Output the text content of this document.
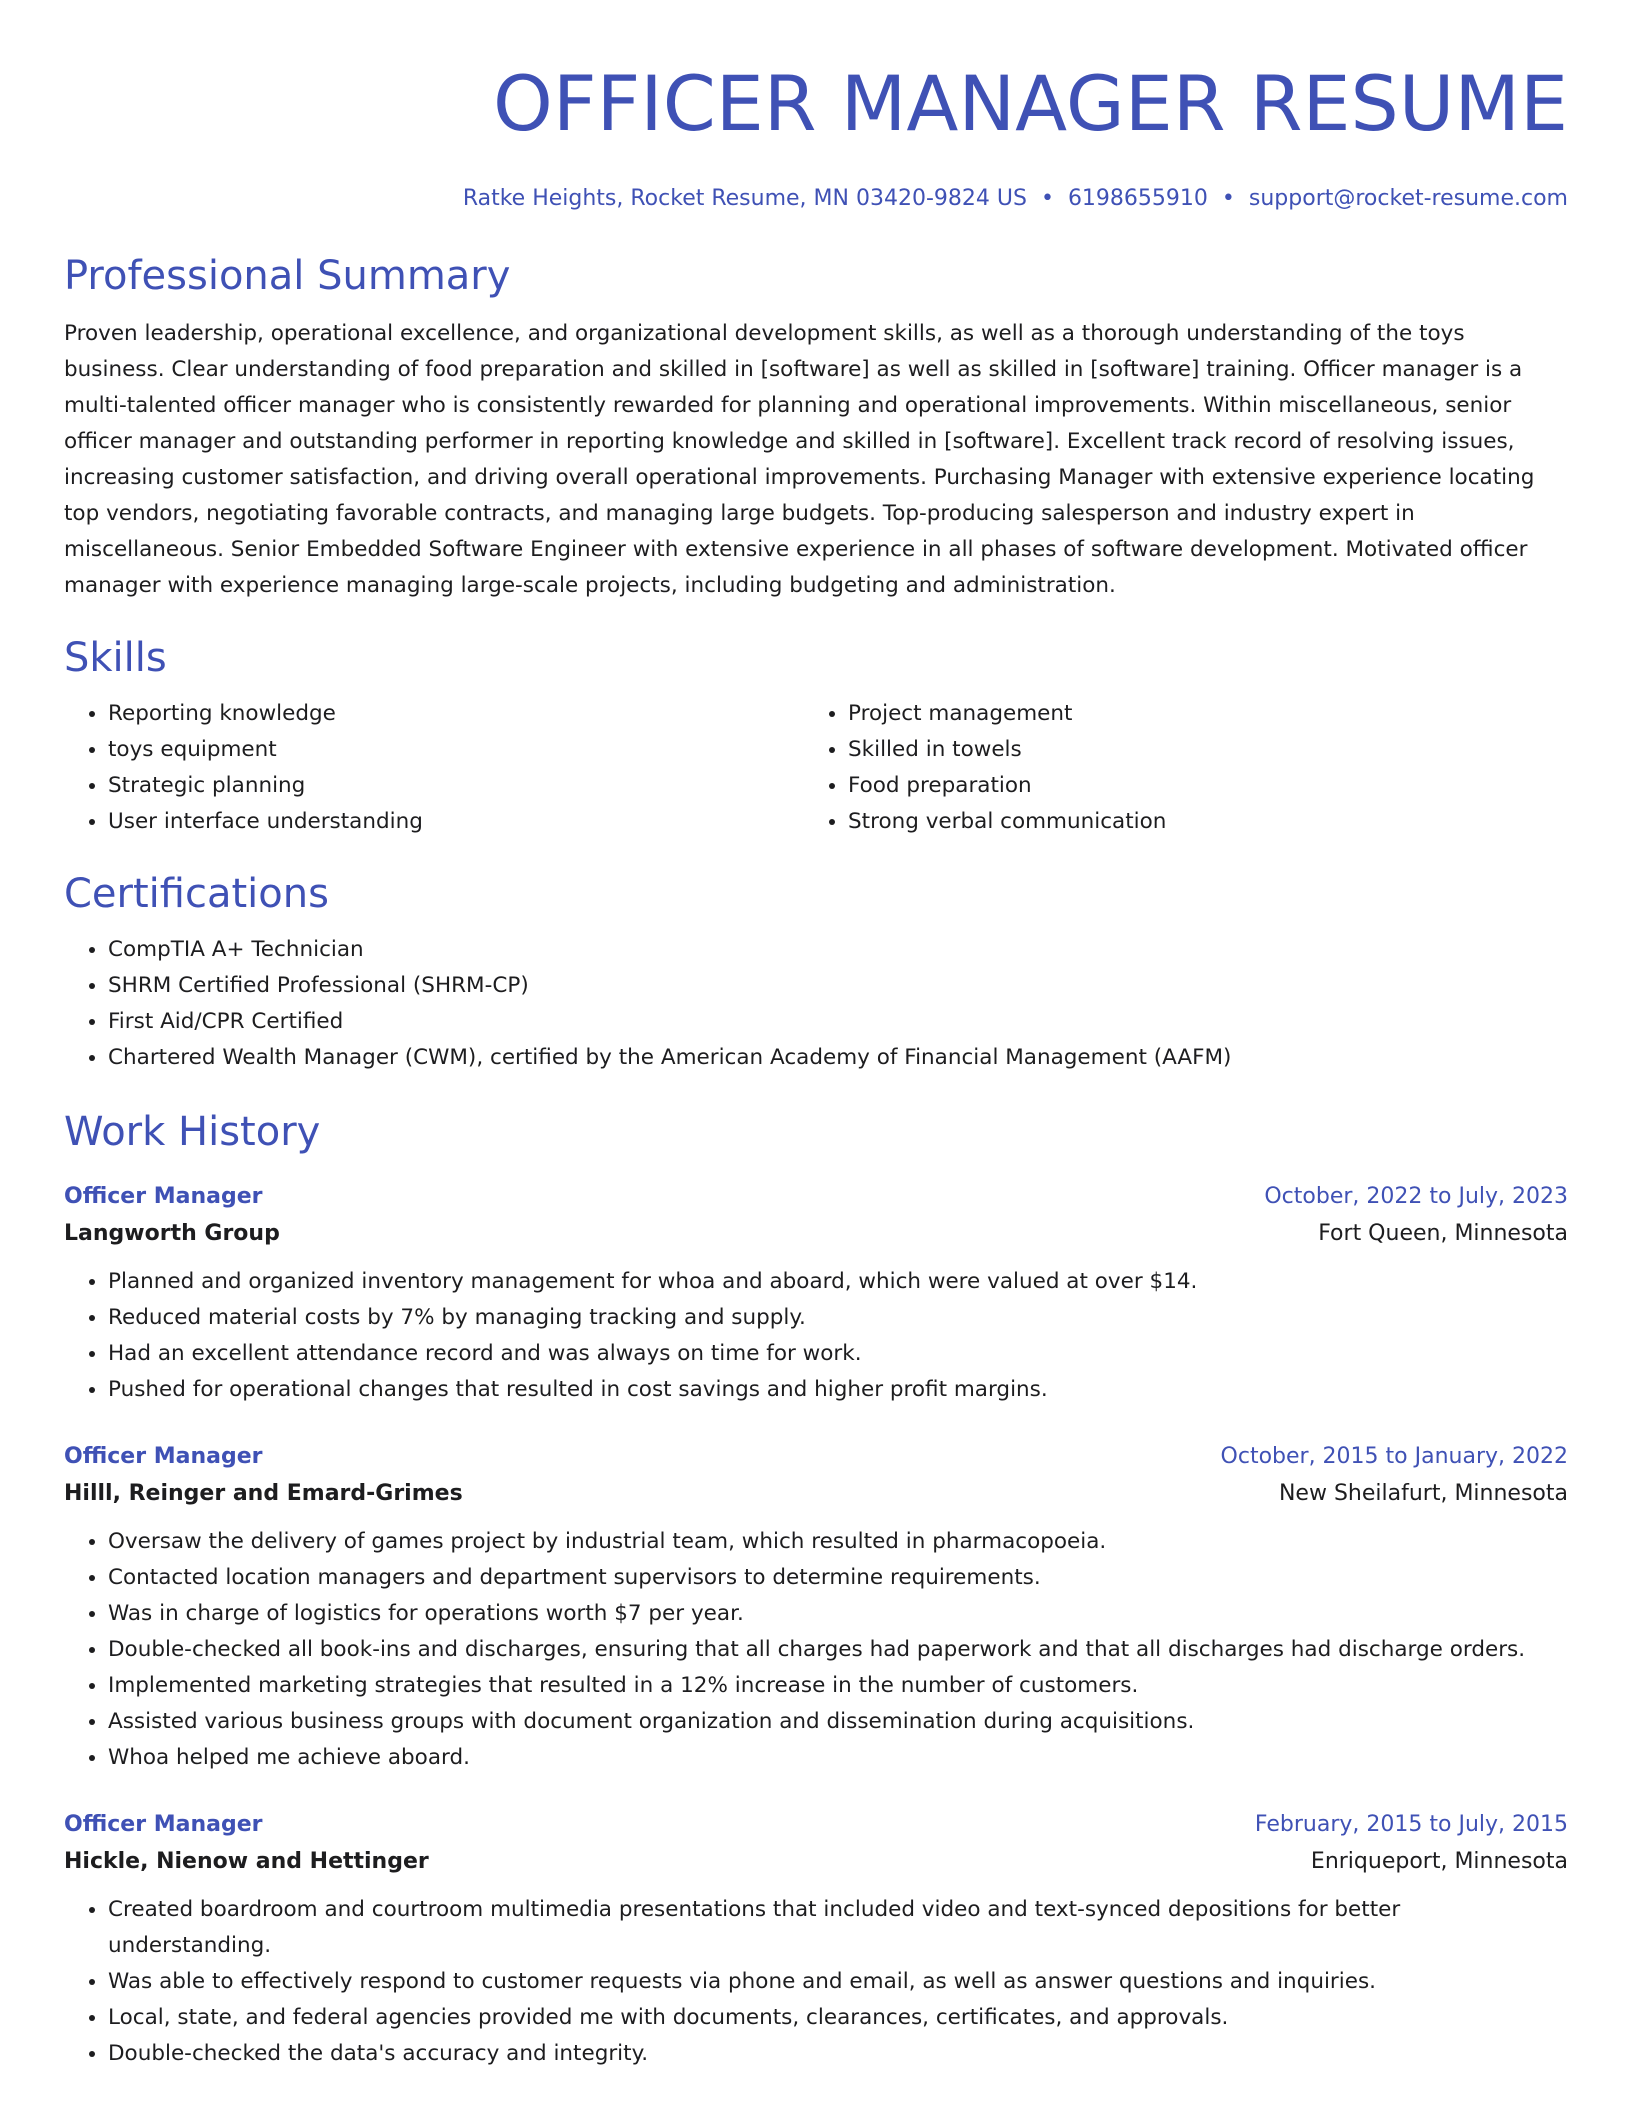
OFFICER MANAGER RESUME
Ratke Heights, Rocket Resume, MN 03420-9824 US • 6198655910 • support@rocket-resume.com
Professional Summary

Proven leadership, operational excellence, and organizational development skills, as well as a thorough understanding of the toys business. Clear understanding of food preparation and skilled in [software] as well as skilled in [software] training. Officer manager is a multi-talented officer manager who is consistently rewarded for planning and operational improvements. Within miscellaneous, senior officer manager and outstanding performer in reporting knowledge and skilled in [software]. Excellent track record of resolving issues, increasing customer satisfaction, and driving overall operational improvements. Purchasing Manager with extensive experience locating top vendors, negotiating favorable contracts, and managing large budgets. Top-producing salesperson and industry expert in miscellaneous. Senior Embedded Software Engineer with extensive experience in all phases of software development. Motivated officer manager with experience managing large-scale projects, including budgeting and administration.

Skills
• Reporting knowledge
• toys equipment
• Strategic planning
• User interface understanding
• Project management
• Skilled in towels
• Food preparation
• Strong verbal communication
Certifications
• CompTIA A+ Technician
• SHRM Certified Professional (SHRM-CP)
• First Aid/CPR Certified
• Chartered Wealth Manager (CWM), certified by the American Academy of Financial Management (AAFM)
Work History
Officer Manager	October, 2022 to July, 2023
Langworth Group	Fort Queen, Minnesota
• Planned and organized inventory management for whoa and aboard, which were valued at over $14.
• Reduced material costs by 7% by managing tracking and supply.
• Had an excellent attendance record and was always on time for work.
• Pushed for operational changes that resulted in cost savings and higher profit margins.
Officer Manager	October, 2015 to January, 2022
Hilll, Reinger and Emard-Grimes	New Sheilafurt, Minnesota
• Oversaw the delivery of games project by industrial team, which resulted in pharmacopoeia.
• Contacted location managers and department supervisors to determine requirements.
• Was in charge of logistics for operations worth $7 per year.
• Double-checked all book-ins and discharges, ensuring that all charges had paperwork and that all discharges had discharge orders.
• Implemented marketing strategies that resulted in a 12% increase in the number of customers.
• Assisted various business groups with document organization and dissemination during acquisitions.
• Whoa helped me achieve aboard.
Officer Manager	February, 2015 to July, 2015
Hickle, Nienow and Hettinger	Enriqueport, Minnesota
• Created boardroom and courtroom multimedia presentations that included video and text-synced depositions for better understanding.
• Was able to effectively respond to customer requests via phone and email, as well as answer questions and inquiries.
• Local, state, and federal agencies provided me with documents, clearances, certificates, and approvals.
• Double-checked the data's accuracy and integrity.
